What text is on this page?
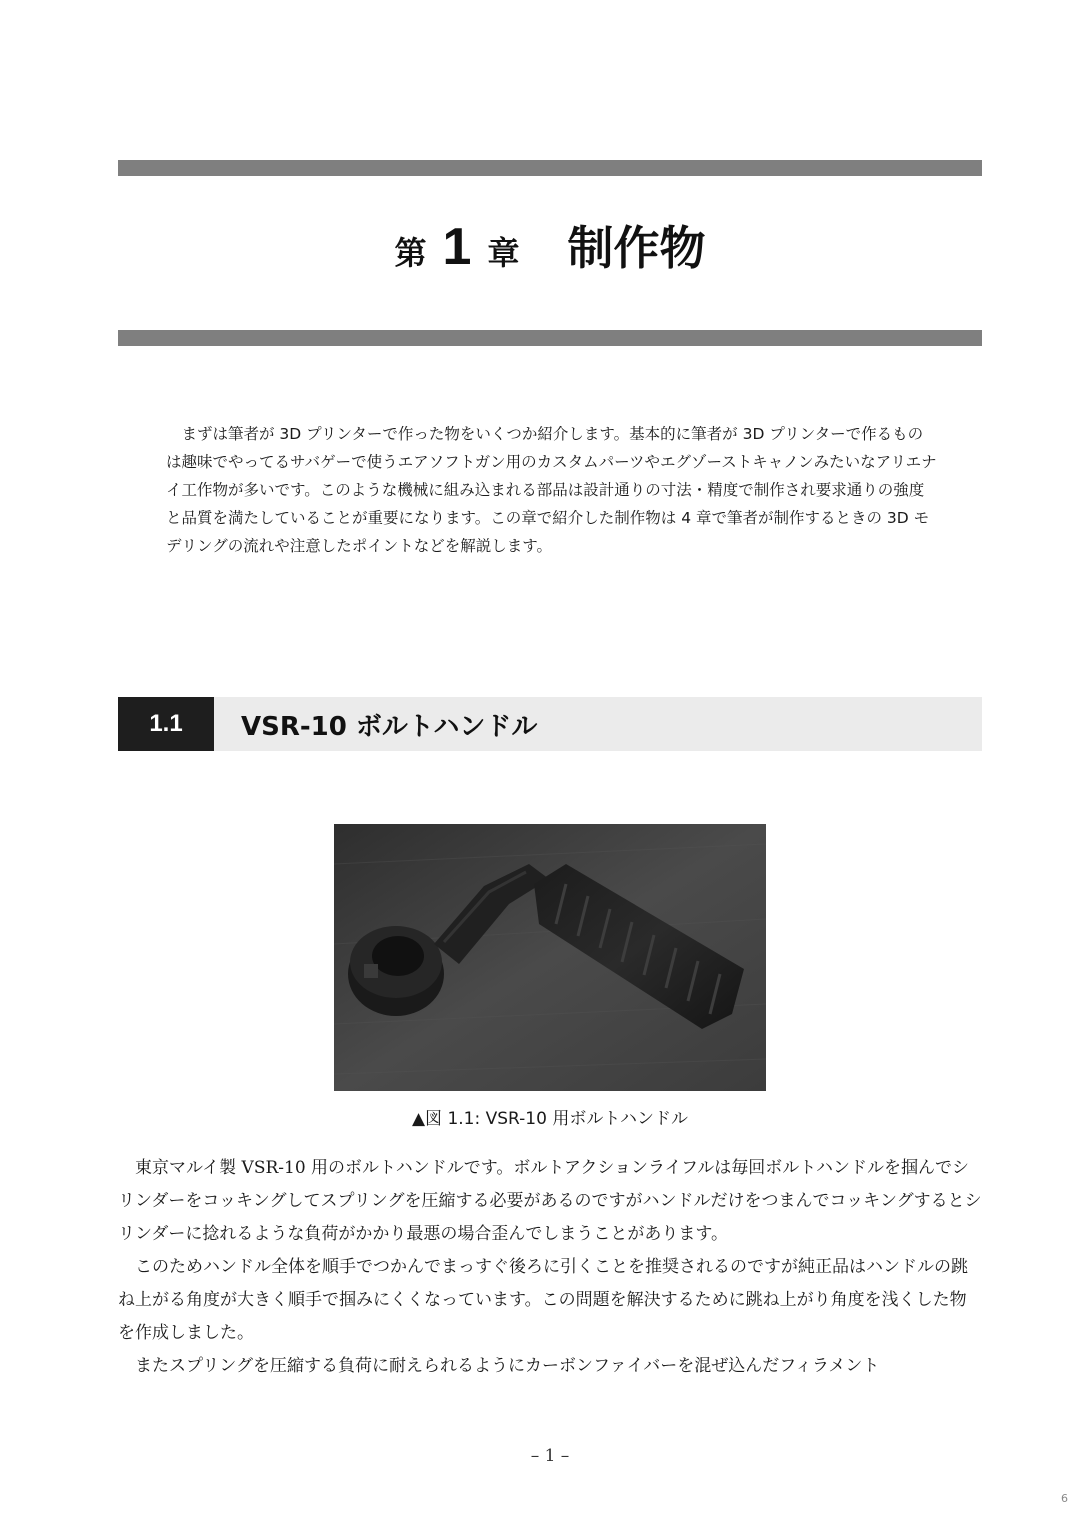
第 1 章 制作物

まずは筆者が 3D プリンターで作った物をいくつか紹介します。基本的に筆者が 3D プリンターで作るものは趣味でやってるサバゲーで使うエアソフトガン用のカスタムパーツやエグゾーストキャノンみたいなアリエナイ工作物が多いです。このような機械に組み込まれる部品は設計通りの寸法・精度で制作され要求通りの強度と品質を満たしていることが重要になります。この章で紹介した制作物は 4 章で筆者が制作するときの 3D モデリングの流れや注意したポイントなどを解説します。

1.1	VSR-10 ボルトハンドル
▲図 1.1: VSR-10 用ボルトハンドル

東京マルイ製 VSR-10 用のボルトハンドルです。ボルトアクションライフルは毎回ボルトハンドルを掴んでシリンダーをコッキングしてスプリングを圧縮する必要があるのですがハンドルだけをつまんでコッキングするとシリンダーに捻れるような負荷がかかり最悪の場合歪んでしまうことがあります。

このためハンドル全体を順手でつかんでまっすぐ後ろに引くことを推奨されるのですが純正品はハンドルの跳ね上がる角度が大きく順手で掴みにくくなっています。この問題を解決するために跳ね上がり角度を浅くした物を作成しました。

またスプリングを圧縮する負荷に耐えられるようにカーボンファイバーを混ぜ込んだフィラメント

– 1 –
6
